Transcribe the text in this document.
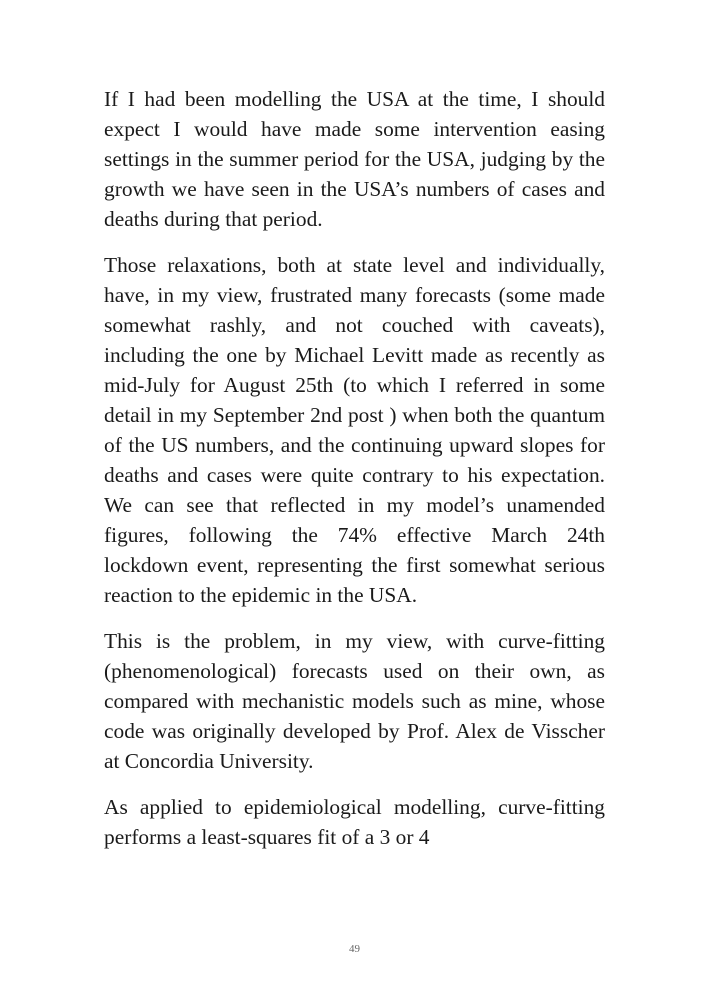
If I had been modelling the USA at the time, I should expect I would have made some intervention easing settings in the summer period for the USA, judging by the growth we have seen in the USA’s numbers of cases and deaths during that period.

Those relaxations, both at state level and individually, have, in my view, frustrated many forecasts (some made somewhat rashly, and not couched with caveats), including the one by Michael Levitt made as recently as mid-July for August 25th (to which I referred in some detail in my September 2nd post ) when both the quantum of the US numbers, and the continuing upward slopes for deaths and cases were quite contrary to his expectation. We can see that reflected in my model’s unamended figures, following the 74% effective March 24th lockdown event, representing the first somewhat serious reaction to the epidemic in the USA.

This is the problem, in my view, with curve-fitting (phenomenological) forecasts used on their own, as compared with mechanistic models such as mine, whose code was originally developed by Prof. Alex de Visscher at Concordia University.

As applied to epidemiological modelling, curve-fitting performs a least-squares fit of a 3 or 4

49
